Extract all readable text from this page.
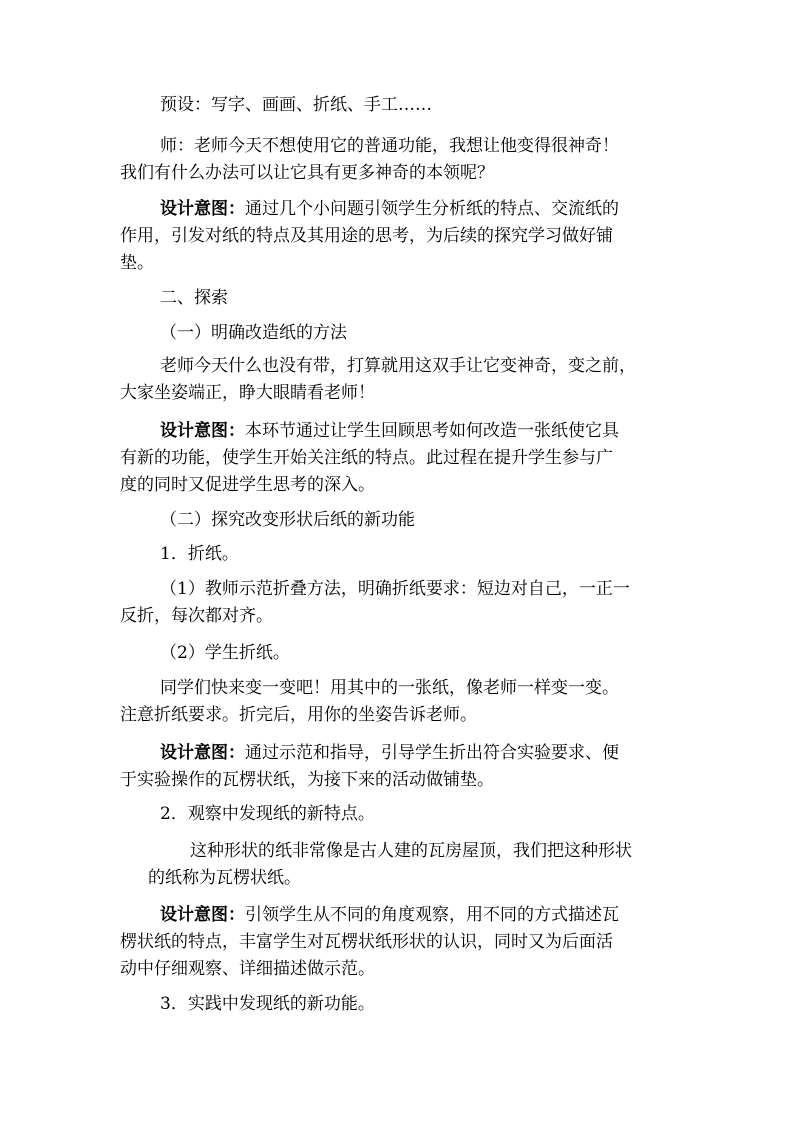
预设：写字、画画、折纸、手工……

师：老师今天不想使用它的普通功能，我想让他变得很神奇！
我们有什么办法可以让它具有更多神奇的本领呢？

设计意图：通过几个小问题引领学生分析纸的特点、交流纸的
作用，引发对纸的特点及其用途的思考，为后续的探究学习做好铺
垫。

二、探索

（一）明确改造纸的方法

老师今天什么也没有带，打算就用这双手让它变神奇，变之前，
大家坐姿端正，睁大眼睛看老师！

设计意图：本环节通过让学生回顾思考如何改造一张纸使它具
有新的功能，使学生开始关注纸的特点。此过程在提升学生参与广
度的同时又促进学生思考的深入。

（二）探究改变形状后纸的新功能

1．折纸。

（1）教师示范折叠方法，明确折纸要求：短边对自己，一正一
反折，每次都对齐。

（2）学生折纸。

同学们快来变一变吧！用其中的一张纸，像老师一样变一变。
注意折纸要求。折完后，用你的坐姿告诉老师。

设计意图：通过示范和指导，引导学生折出符合实验要求、便
于实验操作的瓦楞状纸，为接下来的活动做铺垫。

2．观察中发现纸的新特点。

这种形状的纸非常像是古人建的瓦房屋顶，我们把这种形状
的纸称为瓦楞状纸。

设计意图：引领学生从不同的角度观察，用不同的方式描述瓦
楞状纸的特点，丰富学生对瓦楞状纸形状的认识，同时又为后面活
动中仔细观察、详细描述做示范。

3．实践中发现纸的新功能。
